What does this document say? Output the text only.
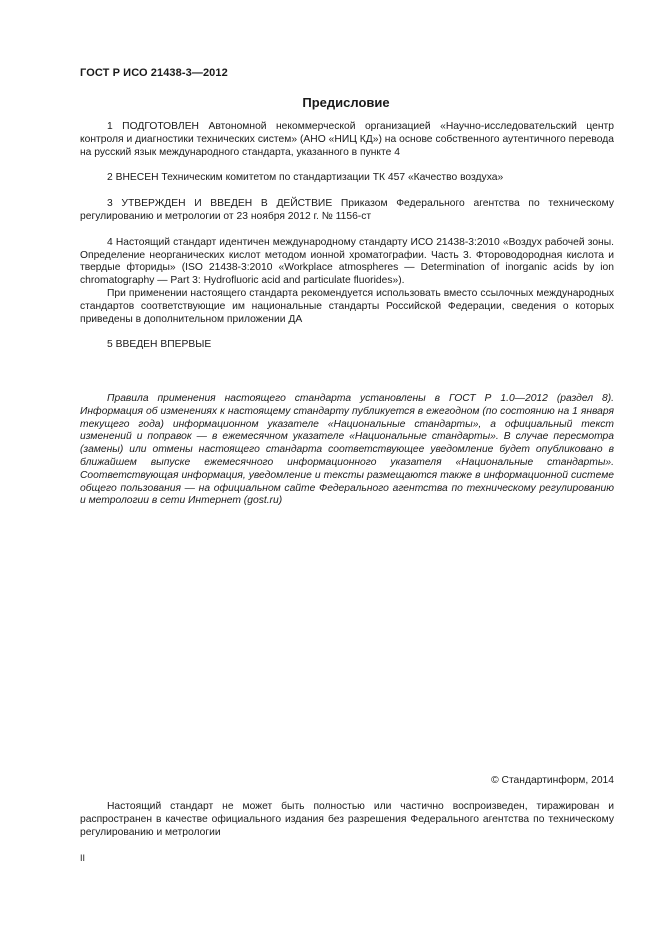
ГОСТ Р ИСО 21438-3—2012
Предисловие

1 ПОДГОТОВЛЕН Автономной некоммерческой организацией «Научно-исследовательский центр контроля и диагностики технических систем» (АНО «НИЦ КД») на основе собственного аутентичного перевода на русский язык международного стандарта, указанного в пункте 4

2 ВНЕСЕН Техническим комитетом по стандартизации ТК 457 «Качество воздуха»

3 УТВЕРЖДЕН И ВВЕДЕН В ДЕЙСТВИЕ Приказом Федерального агентства по техническому регулированию и метрологии от 23 ноября 2012 г. № 1156-ст

4 Настоящий стандарт идентичен международному стандарту ИСО 21438-3:2010 «Воздух рабочей зоны. Определение неорганических кислот методом ионной хроматографии. Часть 3. Фтороводородная кислота и твердые фториды» (ISO 21438-3:2010 «Workplace atmospheres — Determination of inorganic acids by ion chromatography — Part 3: Hydrofluoric acid and particulate fluorides»).

При применении настоящего стандарта рекомендуется использовать вместо ссылочных международных стандартов соответствующие им национальные стандарты Российской Федерации, сведения о которых приведены в дополнительном приложении ДА

5 ВВЕДЕН ВПЕРВЫЕ

Правила применения настоящего стандарта установлены в ГОСТ Р 1.0—2012 (раздел 8). Информация об изменениях к настоящему стандарту публикуется в ежегодном (по состоянию на 1 января текущего года) информационном указателе «Национальные стандарты», а официальный текст изменений и поправок — в ежемесячном указателе «Национальные стандарты». В случае пересмотра (замены) или отмены настоящего стандарта соответствующее уведомление будет опубликовано в ближайшем выпуске ежемесячного информационного указателя «Национальные стандарты». Соответствующая информация, уведомление и тексты размещаются также в информационной системе общего пользования — на официальном сайте Федерального агентства по техническому регулированию и метрологии в сети Интернет (gost.ru)
© Стандартинформ, 2014
Настоящий стандарт не может быть полностью или частично воспроизведен, тиражирован и распространен в качестве официального издания без разрешения Федерального агентства по техническому регулированию и метрологии
II
